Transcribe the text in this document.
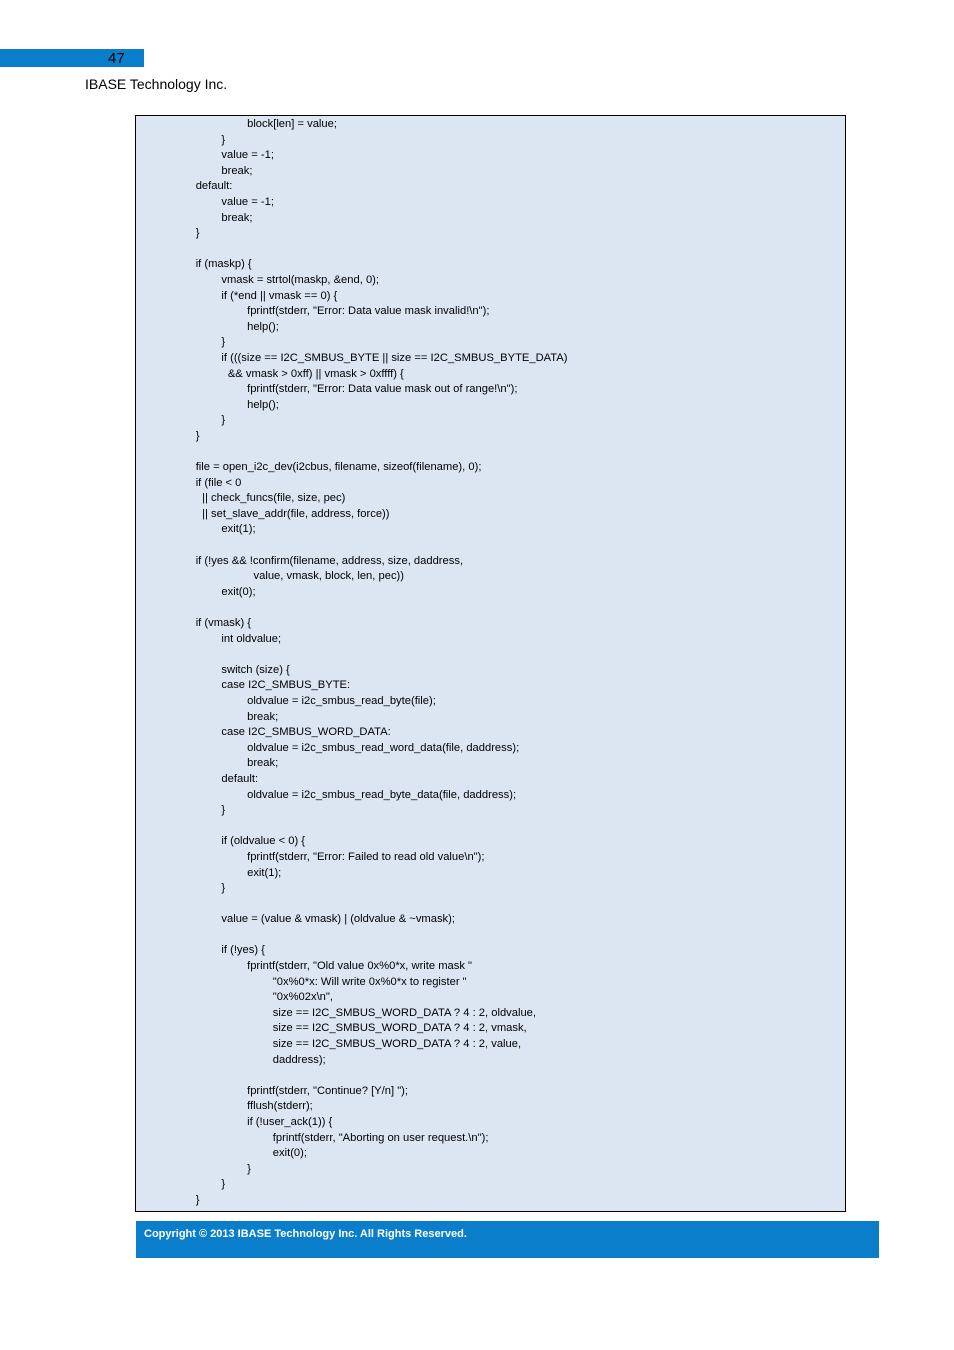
47
IBASE Technology Inc.
block[len] = value;
}
value = -1;
break;
default:
value = -1;
break;
}
if (maskp) {
vmask = strtol(maskp, &end, 0);
if (*end || vmask == 0) {
fprintf(stderr, "Error: Data value mask invalid!\n");
help();
}
if (((size == I2C_SMBUS_BYTE || size == I2C_SMBUS_BYTE_DATA)
&& vmask > 0xff) || vmask > 0xffff) {
fprintf(stderr, "Error: Data value mask out of range!\n");
help();
}
}
file = open_i2c_dev(i2cbus, filename, sizeof(filename), 0);
if (file < 0
|| check_funcs(file, size, pec)
|| set_slave_addr(file, address, force))
exit(1);
if (!yes && !confirm(filename, address, size, daddress,
value, vmask, block, len, pec))
exit(0);
if (vmask) {
int oldvalue;
switch (size) {
case I2C_SMBUS_BYTE:
oldvalue = i2c_smbus_read_byte(file);
break;
case I2C_SMBUS_WORD_DATA:
oldvalue = i2c_smbus_read_word_data(file, daddress);
break;
default:
oldvalue = i2c_smbus_read_byte_data(file, daddress);
}
if (oldvalue < 0) {
fprintf(stderr, "Error: Failed to read old value\n");
exit(1);
}
value = (value & vmask) | (oldvalue & ~vmask);
if (!yes) {
fprintf(stderr, "Old value 0x%0*x, write mask "
"0x%0*x: Will write 0x%0*x to register "
"0x%02x\n",
size == I2C_SMBUS_WORD_DATA ? 4 : 2, oldvalue,
size == I2C_SMBUS_WORD_DATA ? 4 : 2, vmask,
size == I2C_SMBUS_WORD_DATA ? 4 : 2, value,
daddress);
fprintf(stderr, "Continue? [Y/n] ");
fflush(stderr);
if (!user_ack(1)) {
fprintf(stderr, "Aborting on user request.\n");
exit(0);
}
}
}
Copyright © 2013 IBASE Technology Inc. All Rights Reserved.
